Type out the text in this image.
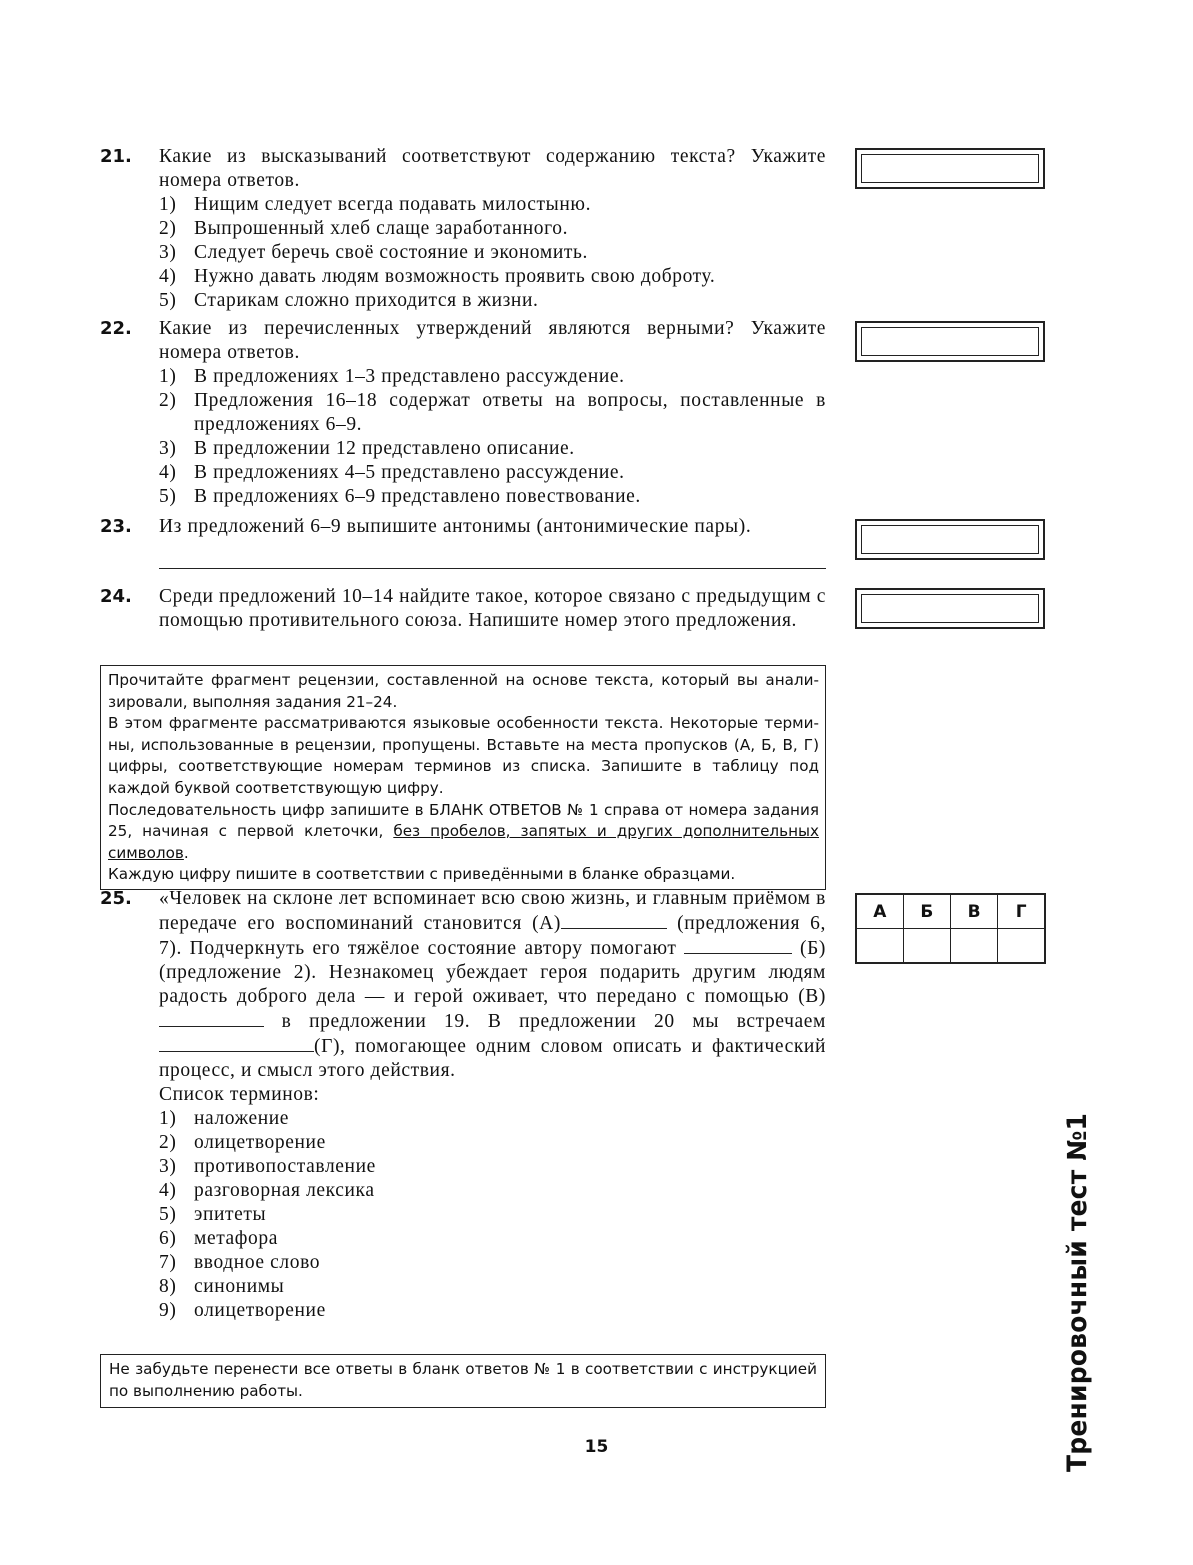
21. Какие из высказываний соответствуют содержанию текста? Укажите номера ответов.
1) Нищим следует всегда подавать милостыню.
2) Выпрошенный хлеб слаще заработанного.
3) Следует беречь своё состояние и экономить.
4) Нужно давать людям возможность проявить свою доброту.
5) Старикам сложно приходится в жизни.
22. Какие из перечисленных утверждений являются верными? Укажите номера ответов.
1) В предложениях 1–3 представлено рассуждение.
2) Предложения 16–18 содержат ответы на вопросы, поставленные в предложениях 6–9.
3) В предложении 12 представлено описание.
4) В предложениях 4–5 представлено рассуждение.
5) В предложениях 6–9 представлено повествование.
23. Из предложений 6–9 выпишите антонимы (антонимические пары).
24. Среди предложений 10–14 найдите такое, которое связано с предыдущим с помощью противительного союза. Напишите номер этого предложения.

Прочитайте фрагмент рецензии, составленной на основе текста, который вы анализировали, выполняя задания 21–24.

В этом фрагменте рассматриваются языковые особенности текста. Некоторые термины, использованные в рецензии, пропущены. Вставьте на места пропусков (А, Б, В, Г) цифры, соответствующие номерам терминов из списка. Запишите в таблицу под каждой буквой соответствующую цифру.

Последовательность цифр запишите в БЛАНК ОТВЕТОВ № 1 справа от номера задания 25, начиная с первой клеточки, без пробелов, запятых и других дополнительных символов.

Каждую цифру пишите в соответствии с приведёнными в бланке образцами.

25. «Человек на склоне лет вспоминает всю свою жизнь, и главным приёмом в передаче его воспоминаний становится (А)	(предложения 6, 7). Подчеркнуть его тяжёлое состояние автору помогают	(Б) (предложение 2). Незнакомец убеждает героя подарить другим людям радость доброго дела — и герой оживает, что передано с помощью (В) в предложении 19. В предложении 20 мы встречаем (Г), помогающее одним словом описать и фактический процесс, и смысл этого действия.
Список терминов:
1) наложение
2) олицетворение
3) противопоставление
4) разговорная лексика
5) эпитеты
6) метафора
7) вводное слово
8) синонимы
9) олицетворение
А	Б	В	Г

Не забудьте перенести все ответы в бланк ответов № 1 в соответствии с инструкцией по выполнению работы.	Тренировочный тест №1
15
